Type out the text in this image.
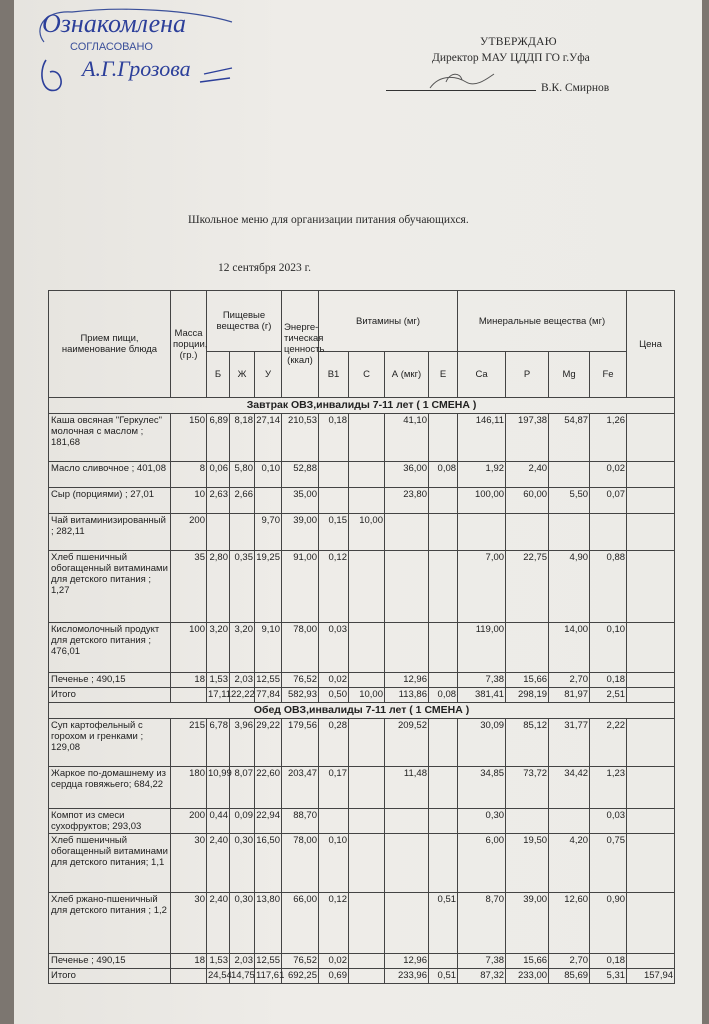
Ознакомлена
СОГЛАСОВАНО
А.Г.Грозова
УТВЕРЖДАЮ
Директор МАУ ЦДДП ГО г.Уфа
В.К. Смирнов
Школьное меню для организации питания обучающихся.
12 сентября 2023 г.
Прием пищи, наименование блюда	Масса порции, (гр.)	Пищевые вещества (г)			Энерге-тическая ценность (ккал)	Витамины (мг)				Минеральные вещества (мг)				Цена
		Б	Ж	У		В1	С	А (мкг)	Е	Ca	P	Mg	Fe	
Завтрак ОВЗ,инвалиды 7-11 лет ( 1 СМЕНА )														
Каша овсяная "Геркулес" молочная с маслом ; 181,68	150	6,89	8,18	27,14	210,53	0,18		41,10		146,11	197,38	54,87	1,26	
Масло сливочное ; 401,08	8	0,06	5,80	0,10	52,88			36,00	0,08	1,92	2,40		0,02	
Сыр (порциями) ; 27,01	10	2,63	2,66		35,00			23,80		100,00	60,00	5,50	0,07	
Чай витаминизированный ; 282,11	200			9,70	39,00	0,15	10,00							
Хлеб пшеничный обогащенный витаминами для детского питания ; 1,27	35	2,80	0,35	19,25	91,00	0,12				7,00	22,75	4,90	0,88	
Кисломолочный продукт для детского питания ; 476,01	100	3,20	3,20	9,10	78,00	0,03				119,00		14,00	0,10	
Печенье ; 490,15	18	1,53	2,03	12,55	76,52	0,02		12,96		7,38	15,66	2,70	0,18	
Итого		17,11	22,22	77,84	582,93	0,50	10,00	113,86	0,08	381,41	298,19	81,97	2,51	
Обед ОВЗ,инвалиды 7-11 лет ( 1 СМЕНА )														
Суп картофельный с горохом и гренками ; 129,08	215	6,78	3,96	29,22	179,56	0,28		209,52		30,09	85,12	31,77	2,22	
Жаркое по-домашнему из сердца говяжьего; 684,22	180	10,99	8,07	22,60	203,47	0,17		11,48		34,85	73,72	34,42	1,23	
Компот из смеси сухофруктов; 293,03	200	0,44	0,09	22,94	88,70					0,30			0,03	
Хлеб пшеничный обогащенный витаминами для детского питания; 1,1	30	2,40	0,30	16,50	78,00	0,10				6,00	19,50	4,20	0,75	
Хлеб ржано-пшеничный для детского питания ; 1,2	30	2,40	0,30	13,80	66,00	0,12			0,51	8,70	39,00	12,60	0,90	
Печенье ; 490,15	18	1,53	2,03	12,55	76,52	0,02		12,96		7,38	15,66	2,70	0,18	
Итого		24,54	14,75	117,61	692,25	0,69		233,96	0,51	87,32	233,00	85,69	5,31	157,94
